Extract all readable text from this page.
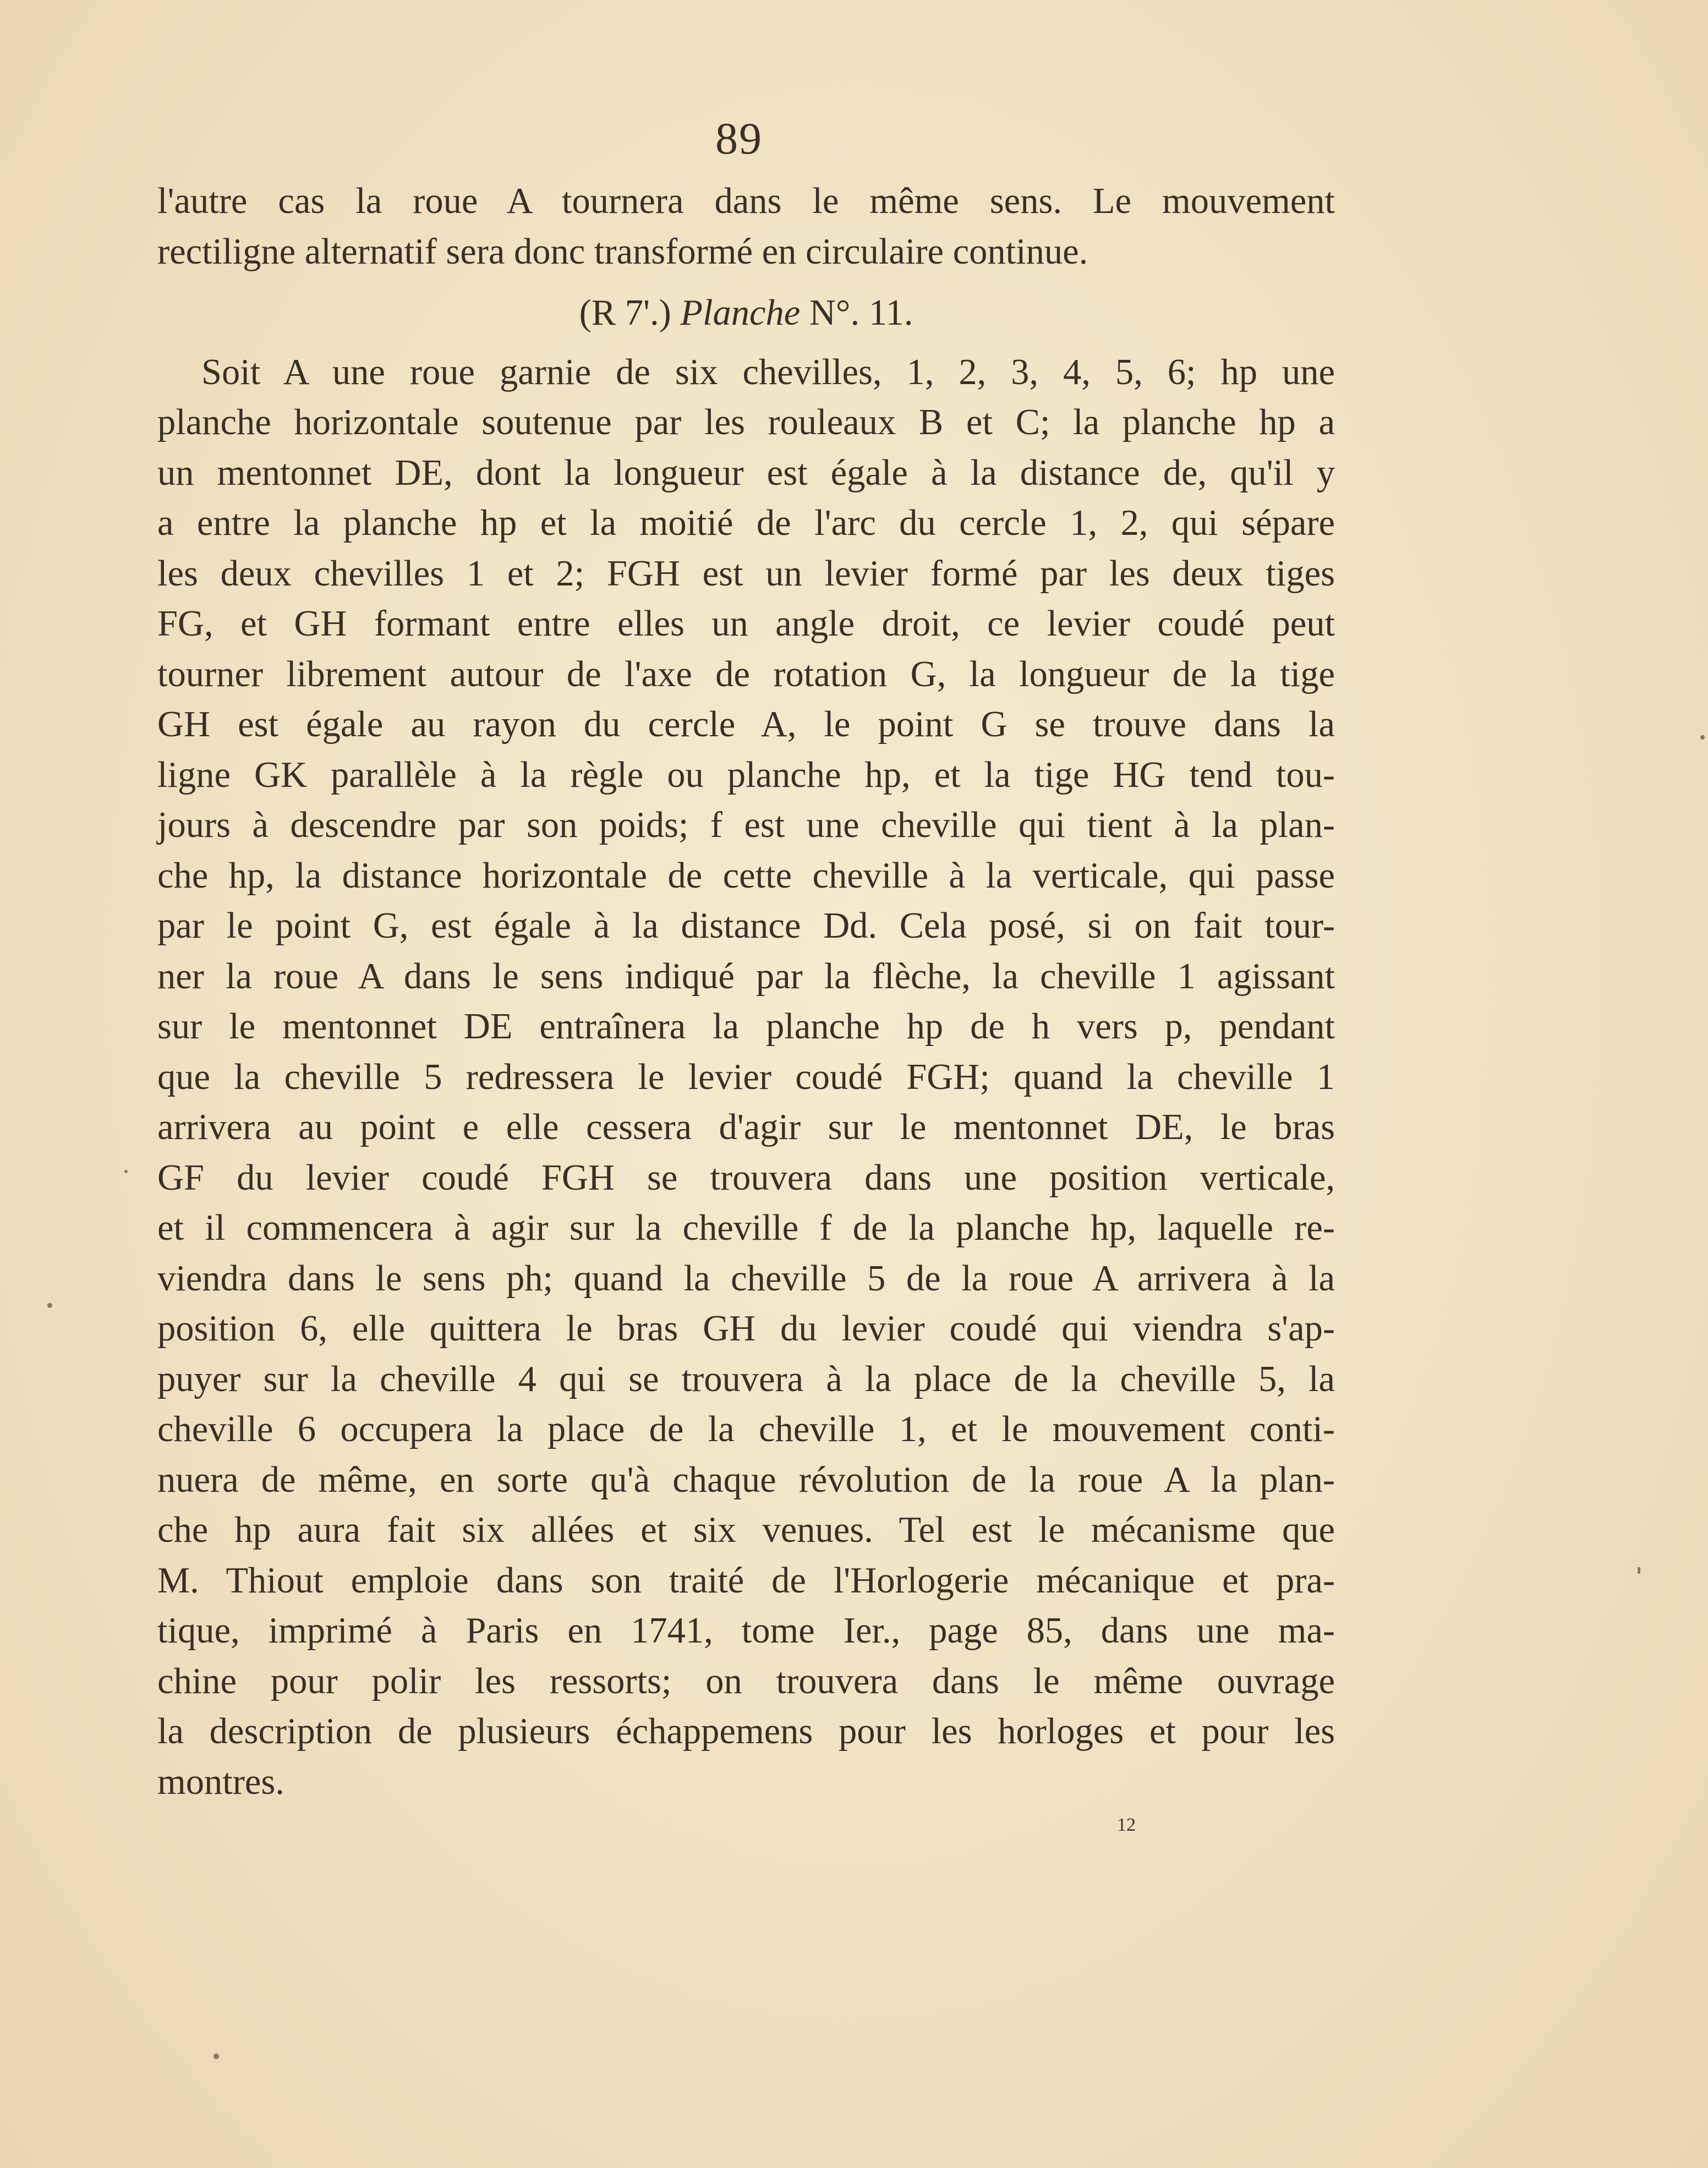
89
l'autre cas la roue A tournera dans le même sens. Le mouvement
rectiligne alternatif sera donc transformé en circulaire continue.
(R 7'.) Planche N°. 11.
Soit A une roue garnie de six chevilles, 1, 2, 3, 4, 5, 6; hp une
planche horizontale soutenue par les rouleaux B et C; la planche hp a
un mentonnet DE, dont la longueur est égale à la distance de, qu'il y
a entre la planche hp et la moitié de l'arc du cercle 1, 2, qui sépare
les deux chevilles 1 et 2; FGH est un levier formé par les deux tiges
FG, et GH formant entre elles un angle droit, ce levier coudé peut
tourner librement autour de l'axe de rotation G, la longueur de la tige
GH est égale au rayon du cercle A, le point G se trouve dans la
ligne GK parallèle à la règle ou planche hp, et la tige HG tend tou-
jours à descendre par son poids; f est une cheville qui tient à la plan-
che hp, la distance horizontale de cette cheville à la verticale, qui passe
par le point G, est égale à la distance Dd. Cela posé, si on fait tour-
ner la roue A dans le sens indiqué par la flèche, la cheville 1 agissant
sur le mentonnet DE entraînera la planche hp de h vers p, pendant
que la cheville 5 redressera le levier coudé FGH; quand la cheville 1
arrivera au point e elle cessera d'agir sur le mentonnet DE, le bras
GF du levier coudé FGH se trouvera dans une position verticale,
et il commencera à agir sur la cheville f de la planche hp, laquelle re-
viendra dans le sens ph; quand la cheville 5 de la roue A arrivera à la
position 6, elle quittera le bras GH du levier coudé qui viendra s'ap-
puyer sur la cheville 4 qui se trouvera à la place de la cheville 5, la
cheville 6 occupera la place de la cheville 1, et le mouvement conti-
nuera de même, en sorte qu'à chaque révolution de la roue A la plan-
che hp aura fait six allées et six venues. Tel est le mécanisme que
M. Thiout emploie dans son traité de l'Horlogerie mécanique et pra-
tique, imprimé à Paris en 1741, tome Ier., page 85, dans une ma-
chine pour polir les ressorts; on trouvera dans le même ouvrage
la description de plusieurs échappemens pour les horloges et pour les
montres.
12
